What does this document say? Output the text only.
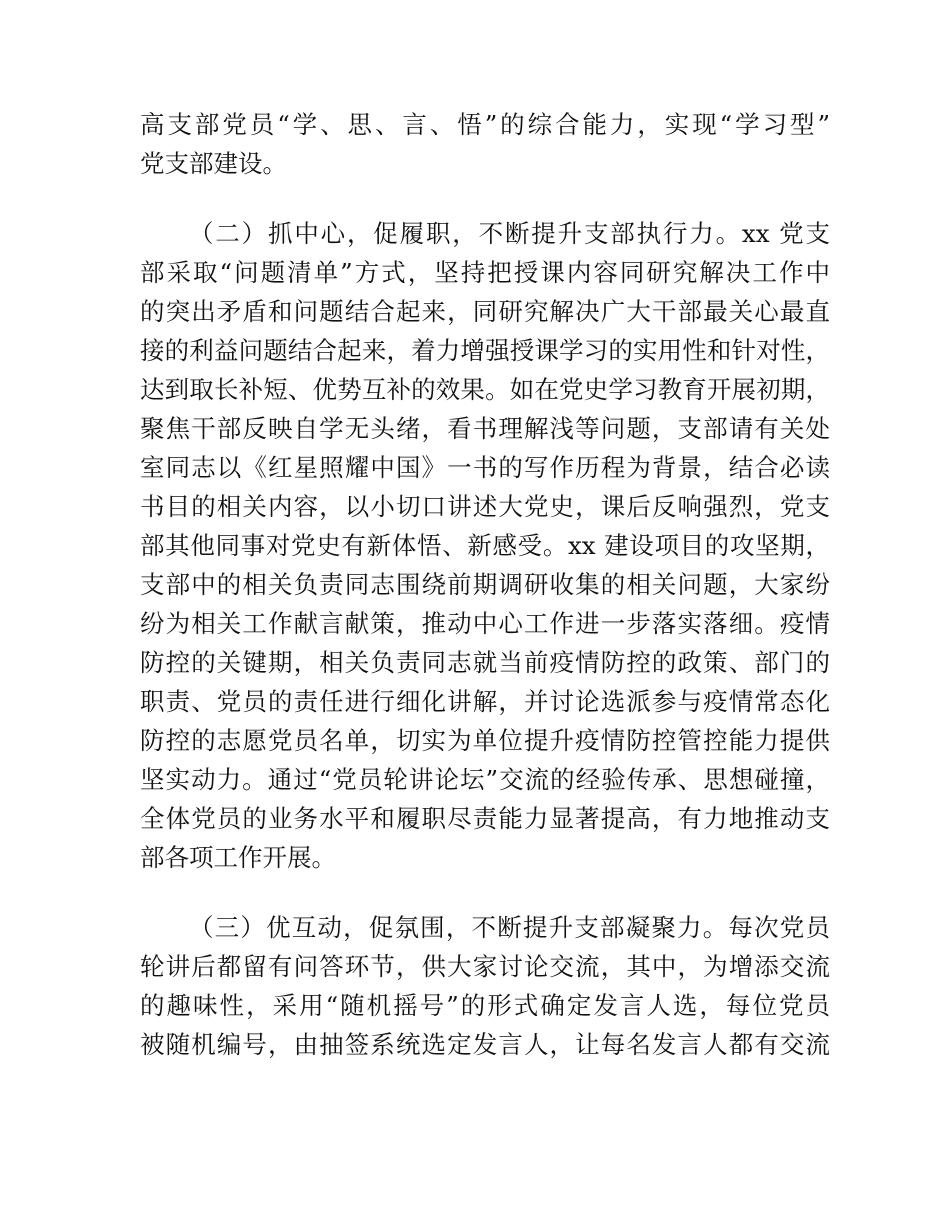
高支部党员“学、思、言、悟”的综合能力，实现“学习型”
党支部建设。
（二）抓中心，促履职，不断提升支部执行力。xx 党支
部采取“问题清单”方式，坚持把授课内容同研究解决工作中
的突出矛盾和问题结合起来，同研究解决广大干部最关心最直
接的利益问题结合起来，着力增强授课学习的实用性和针对性，
达到取长补短、优势互补的效果。如在党史学习教育开展初期，
聚焦干部反映自学无头绪，看书理解浅等问题，支部请有关处
室同志以《红星照耀中国》一书的写作历程为背景，结合必读
书目的相关内容，以小切口讲述大党史，课后反响强烈，党支
部其他同事对党史有新体悟、新感受。xx 建设项目的攻坚期，
支部中的相关负责同志围绕前期调研收集的相关问题，大家纷
纷为相关工作献言献策，推动中心工作进一步落实落细。疫情
防控的关键期，相关负责同志就当前疫情防控的政策、部门的
职责、党员的责任进行细化讲解，并讨论选派参与疫情常态化
防控的志愿党员名单，切实为单位提升疫情防控管控能力提供
坚实动力。通过“党员轮讲论坛”交流的经验传承、思想碰撞，
全体党员的业务水平和履职尽责能力显著提高，有力地推动支
部各项工作开展。
（三）优互动，促氛围，不断提升支部凝聚力。每次党员
轮讲后都留有问答环节，供大家讨论交流，其中，为增添交流
的趣味性，采用“随机摇号”的形式确定发言人选，每位党员
被随机编号，由抽签系统选定发言人，让每名发言人都有交流
